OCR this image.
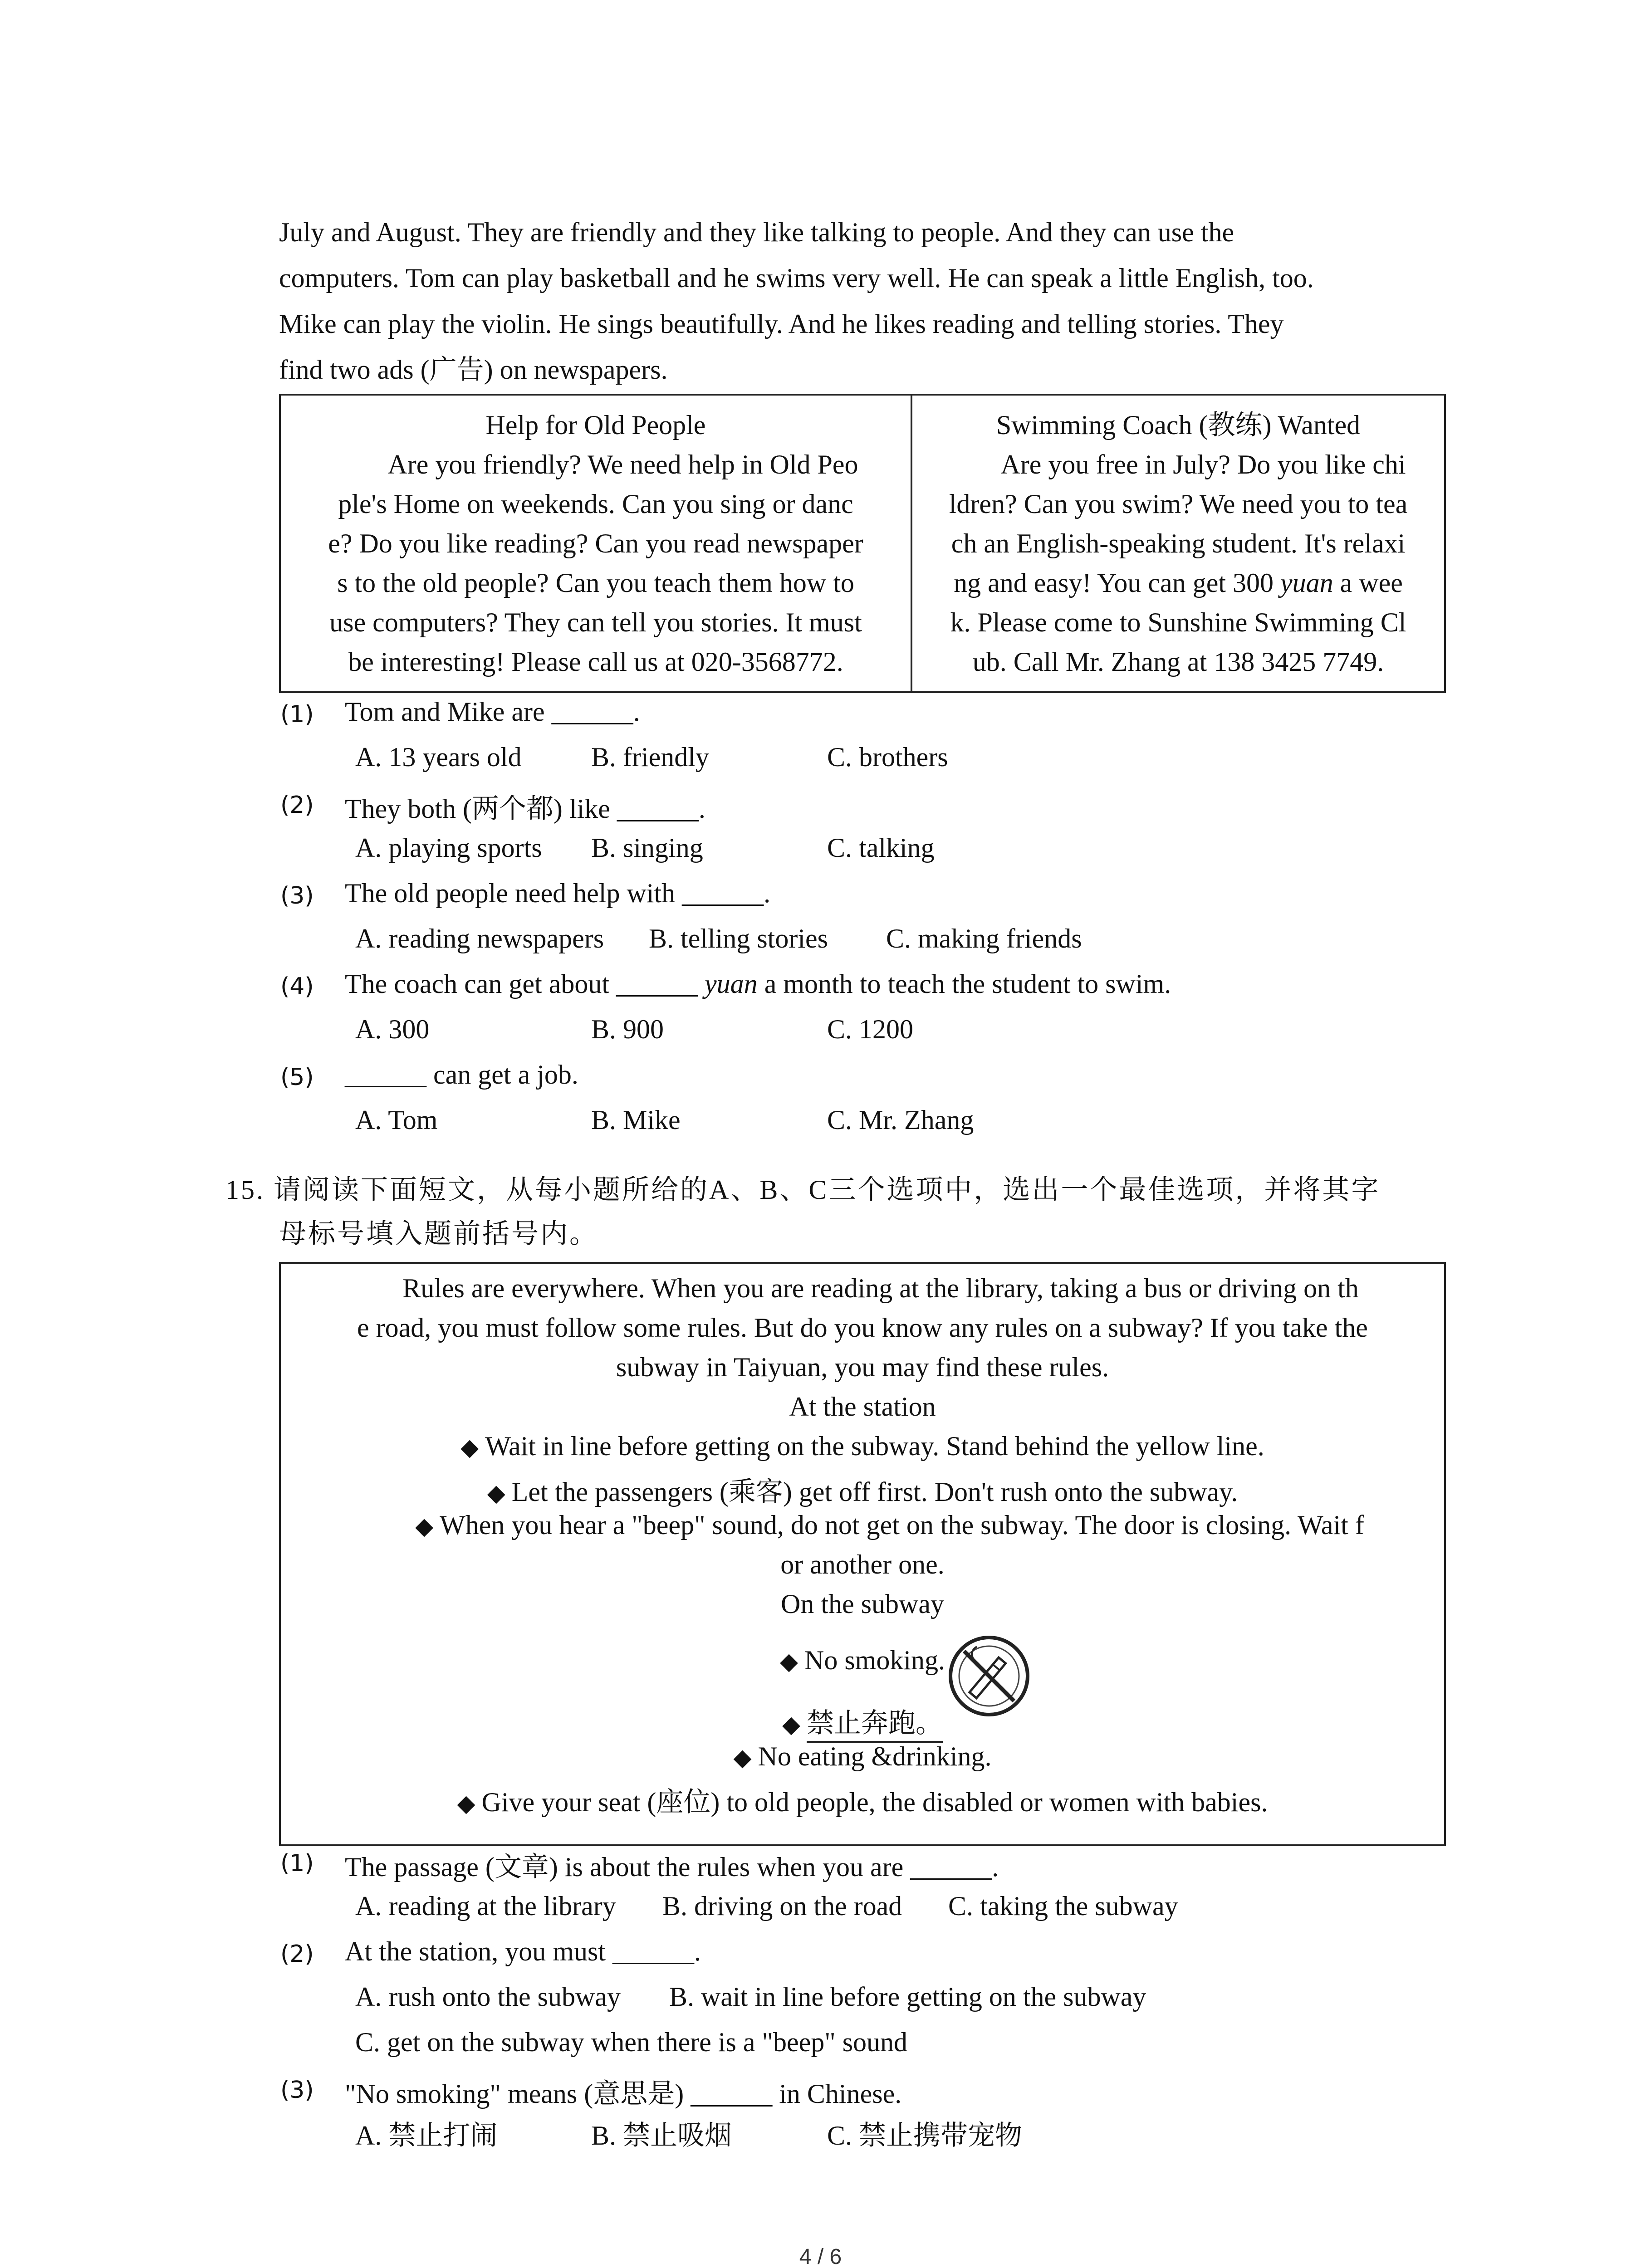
July and August. They are friendly and they like talking to people. And they can use the
computers. Tom can play basketball and he swims very well. He can speak a little English, too.
Mike can play the violin. He sings beautifully. And he likes reading and telling stories. They
find two ads (广告) on newspapers.
Help for Old People
Are you friendly? We need help in Old Peo
ple's Home on weekends. Can you sing or danc
e? Do you like reading? Can you read newspaper
s to the old people? Can you teach them how to
use computers? They can tell you stories. It must
be interesting! Please call us at 020-3568772.

Swimming Coach (教练) Wanted
Are you free in July? Do you like chi
ldren? Can you swim? We need you to tea
ch an English-speaking student. It's relaxi
ng and easy! You can get 300 yuan a wee
k. Please come to Sunshine Swimming Cl
ub. Call Mr. Zhang at 138 3425 7749.
(1) Tom and Mike are ______.
A. 13 years old	B. friendly	C. brothers
(2) They both (两个都) like ______.
A. playing sports B. singing	C. talking
(3) The old people need help with ______.
A. reading newspapers B. telling stories C. making friends
(4) The coach can get about ______ yuan a month to teach the student to swim.
A. 300	B. 900	C. 1200
(5) ______ can get a job.
A. Tom	B. Mike	C. Mr. Zhang
15. 请阅读下面短文，从每小题所给的A、B、C三个选项中，选出一个最佳选项，并将其字
母标号填入题前括号内。
Rules are everywhere. When you are reading at the library, taking a bus or driving on th
e road, you must follow some rules. But do you know any rules on a subway? If you take the
subway in Taiyuan, you may find these rules.
At the station
◆ Wait in line before getting on the subway. Stand behind the yellow line.
◆ Let the passengers (乘客) get off first. Don't rush onto the subway.
◆ When you hear a "beep" sound, do not get on the subway. The door is closing. Wait f
or another one.
On the subway
◆ No smoking.
◆ 禁止奔跑。
◆ No eating &drinking.
◆ Give your seat (座位) to old people, the disabled or women with babies.
(1) The passage (文章) is about the rules when you are ______.
A. reading at the library B. driving on the road C. taking the subway
(2) At the station, you must ______.
A. rush onto the subway B. wait in line before getting on the subway
C. get on the subway when there is a "beep" sound
(3) "No smoking" means (意思是) ______ in Chinese.
A. 禁止打闹	B. 禁止吸烟	C. 禁止携带宠物
4 / 6
